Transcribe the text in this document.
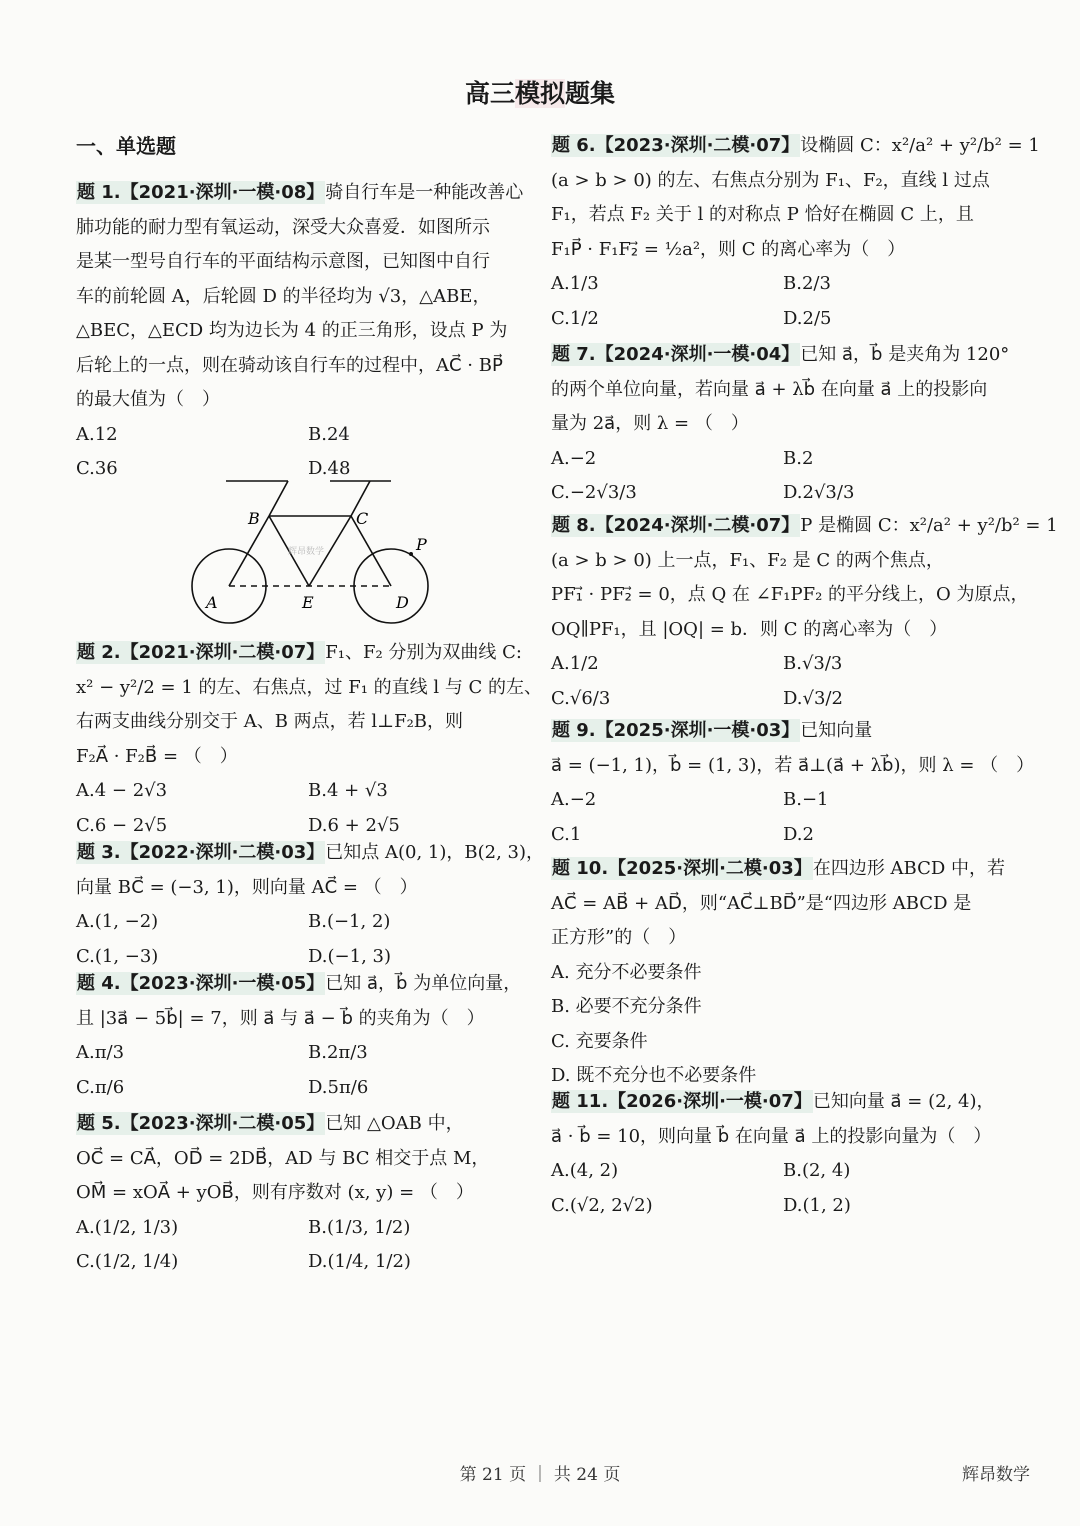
高三模拟题集
一、单选题

题 1.【2021·深圳·一模·08】骑自行车是一种能改善心

肺功能的耐力型有氧运动，深受大众喜爱．如图所示

是某一型号自行车的平面结构示意图，已知图中自行

车的前轮圆 A，后轮圆 D 的半径均为 √3，△ABE，

△BEC，△ECD 均为边长为 4 的正三角形，设点 P 为

后轮上的一点，则在骑动该自行车的过程中，AC⃗ · BP⃗

的最大值为（　）

A.12	B.24
C.36	D.48
A
B	C
D
E
P
辉昂数学

题 2.【2021·深圳·二模·07】F₁、F₂ 分别为双曲线 C:

x² − y²/2 = 1 的左、右焦点，过 F₁ 的直线 l 与 C 的左、

右两支曲线分别交于 A、B 两点，若 l⊥F₂B，则

F₂A⃗ · F₂B⃗ = （　）

A.4 − 2√3	B.4 + √3
C.6 − 2√5	D.6 + 2√5

题 3.【2022·深圳·二模·03】已知点 A(0, 1)，B(2, 3)，

向量 BC⃗ = (−3, 1)，则向量 AC⃗ = （　）

A.(1, −2)	B.(−1, 2)
C.(1, −3)	D.(−1, 3)

题 4.【2023·深圳·一模·05】已知 a⃗，b⃗ 为单位向量，

且 |3a⃗ − 5b⃗| = 7，则 a⃗ 与 a⃗ − b⃗ 的夹角为（　）

A.π/3	B.2π/3
C.π/6	D.5π/6

题 5.【2023·深圳·二模·05】已知 △OAB 中，

OC⃗ = CA⃗，OD⃗ = 2DB⃗，AD 与 BC 相交于点 M，

OM⃗ = xOA⃗ + yOB⃗，则有序数对 (x, y) = （　）

A.(1/2, 1/3)	B.(1/3, 1/2)
C.(1/2, 1/4)	D.(1/4, 1/2)

题 6.【2023·深圳·二模·07】设椭圆 C：x²/a² + y²/b² = 1

(a > b > 0) 的左、右焦点分别为 F₁、F₂，直线 l 过点

F₁，若点 F₂ 关于 l 的对称点 P 恰好在椭圆 C 上，且

F₁P⃗ · F₁F₂⃗ = ½a²，则 C 的离心率为（　）

A.1/3	B.2/3
C.1/2	D.2/5

题 7.【2024·深圳·一模·04】已知 a⃗，b⃗ 是夹角为 120°

的两个单位向量，若向量 a⃗ + λb⃗ 在向量 a⃗ 上的投影向

量为 2a⃗，则 λ = （　）

A.−2	B.2
C.−2√3/3	D.2√3/3

题 8.【2024·深圳·二模·07】P 是椭圆 C：x²/a² + y²/b² = 1

(a > b > 0) 上一点，F₁、F₂ 是 C 的两个焦点，

PF₁⃗ · PF₂⃗ = 0，点 Q 在 ∠F₁PF₂ 的平分线上，O 为原点，

OQ∥PF₁，且 |OQ| = b．则 C 的离心率为（　）

A.1/2	B.√3/3
C.√6/3	D.√3/2

题 9.【2025·深圳·一模·03】已知向量

a⃗ = (−1, 1)，b⃗ = (1, 3)，若 a⃗⊥(a⃗ + λb⃗)，则 λ = （　）

A.−2	B.−1
C.1	D.2

题 10.【2025·深圳·二模·03】在四边形 ABCD 中，若

AC⃗ = AB⃗ + AD⃗，则“AC⃗⊥BD⃗”是“四边形 ABCD 是

正方形”的（　）

A. 充分不必要条件

B. 必要不充分条件

C. 充要条件

D. 既不充分也不必要条件

题 11.【2026·深圳·一模·07】已知向量 a⃗ = (2, 4)，

a⃗ · b⃗ = 10，则向量 b⃗ 在向量 a⃗ 上的投影向量为（　）

A.(4, 2)	B.(2, 4)
C.(√2, 2√2)	D.(1, 2)
第 21 页 ｜ 共 24 页	辉昂数学
